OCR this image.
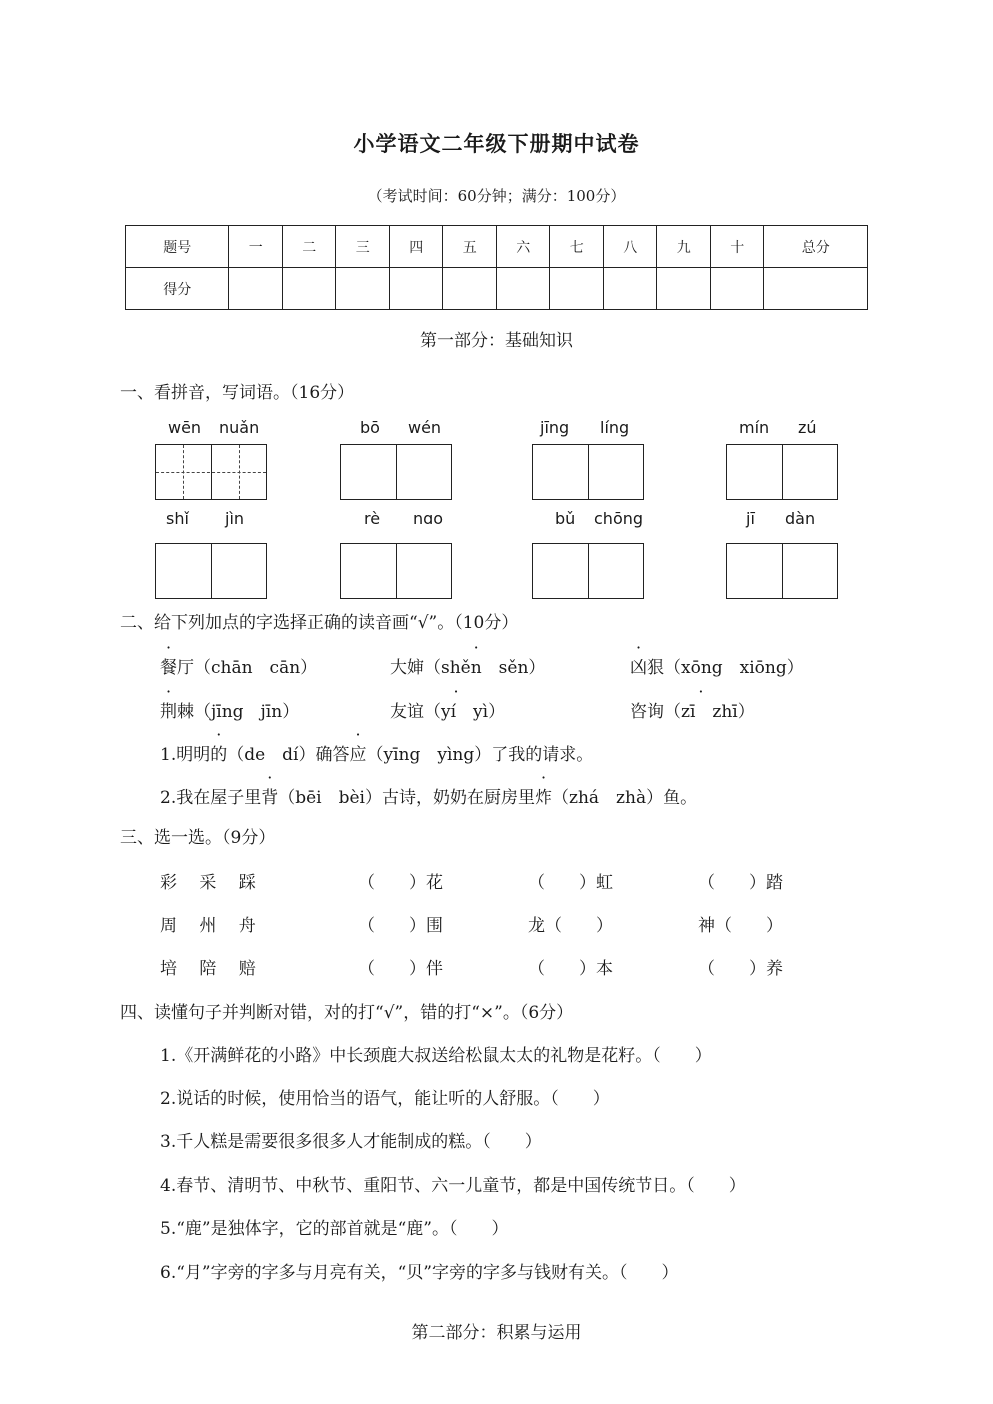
小学语文二年级下册期中试卷
（考试时间：60分钟；满分：100分）
题号	一	二	三	四	五	六	七	八	九	十	总分
得分											
第一部分：基础知识
一、看拼音，写词语。（16分）
wēn nuǎn	bō wén	jīng líng	mín zú
shǐ jìn	rè nɑo	bǔ chōng	jī dàn
二、给下列加点的字选择正确的读音画“√”。（10分）
餐厅（chān　cān）	大· 婶（shěn　sěn）	凶狠（xōng　xiōng）
荆棘（jīng　jīn）	友· 谊（yí　yì）	咨· 询（zī　zhī）
1.明明的（de　dí）确答应（yīng　yìng）了我的请求。
2.我在屋子里背（bēi　bèi）古诗，奶奶在厨房里炸（zhá　zhà）鱼。
三、选一选。（9分）
彩　 采　 踩	（　　）花	（　　）虹	（　　）踏
周　 州　 舟	（　　）围	龙（　　）	神（　　）
培　 陪　 赔	（　　）伴	（　　）本	（　　）养
四、读懂句子并判断对错，对的打“√”，错的打“×”。（6分）
1.《开满鲜花的小路》中长颈鹿大叔送给松鼠太太的礼物是花籽。（　　）
2.说话的时候，使用恰当的语气，能让听的人舒服。（　　）
3.千人糕是需要很多很多人才能制成的糕。（　　）
4.春节、清明节、中秋节、重阳节、六一儿童节，都是中国传统节日。（　　）
5.“鹿”是独体字，它的部首就是“鹿”。（　　）
6.“月”字旁的字多与月亮有关，“贝”字旁的字多与钱财有关。（　　）
第二部分：积累与运用
